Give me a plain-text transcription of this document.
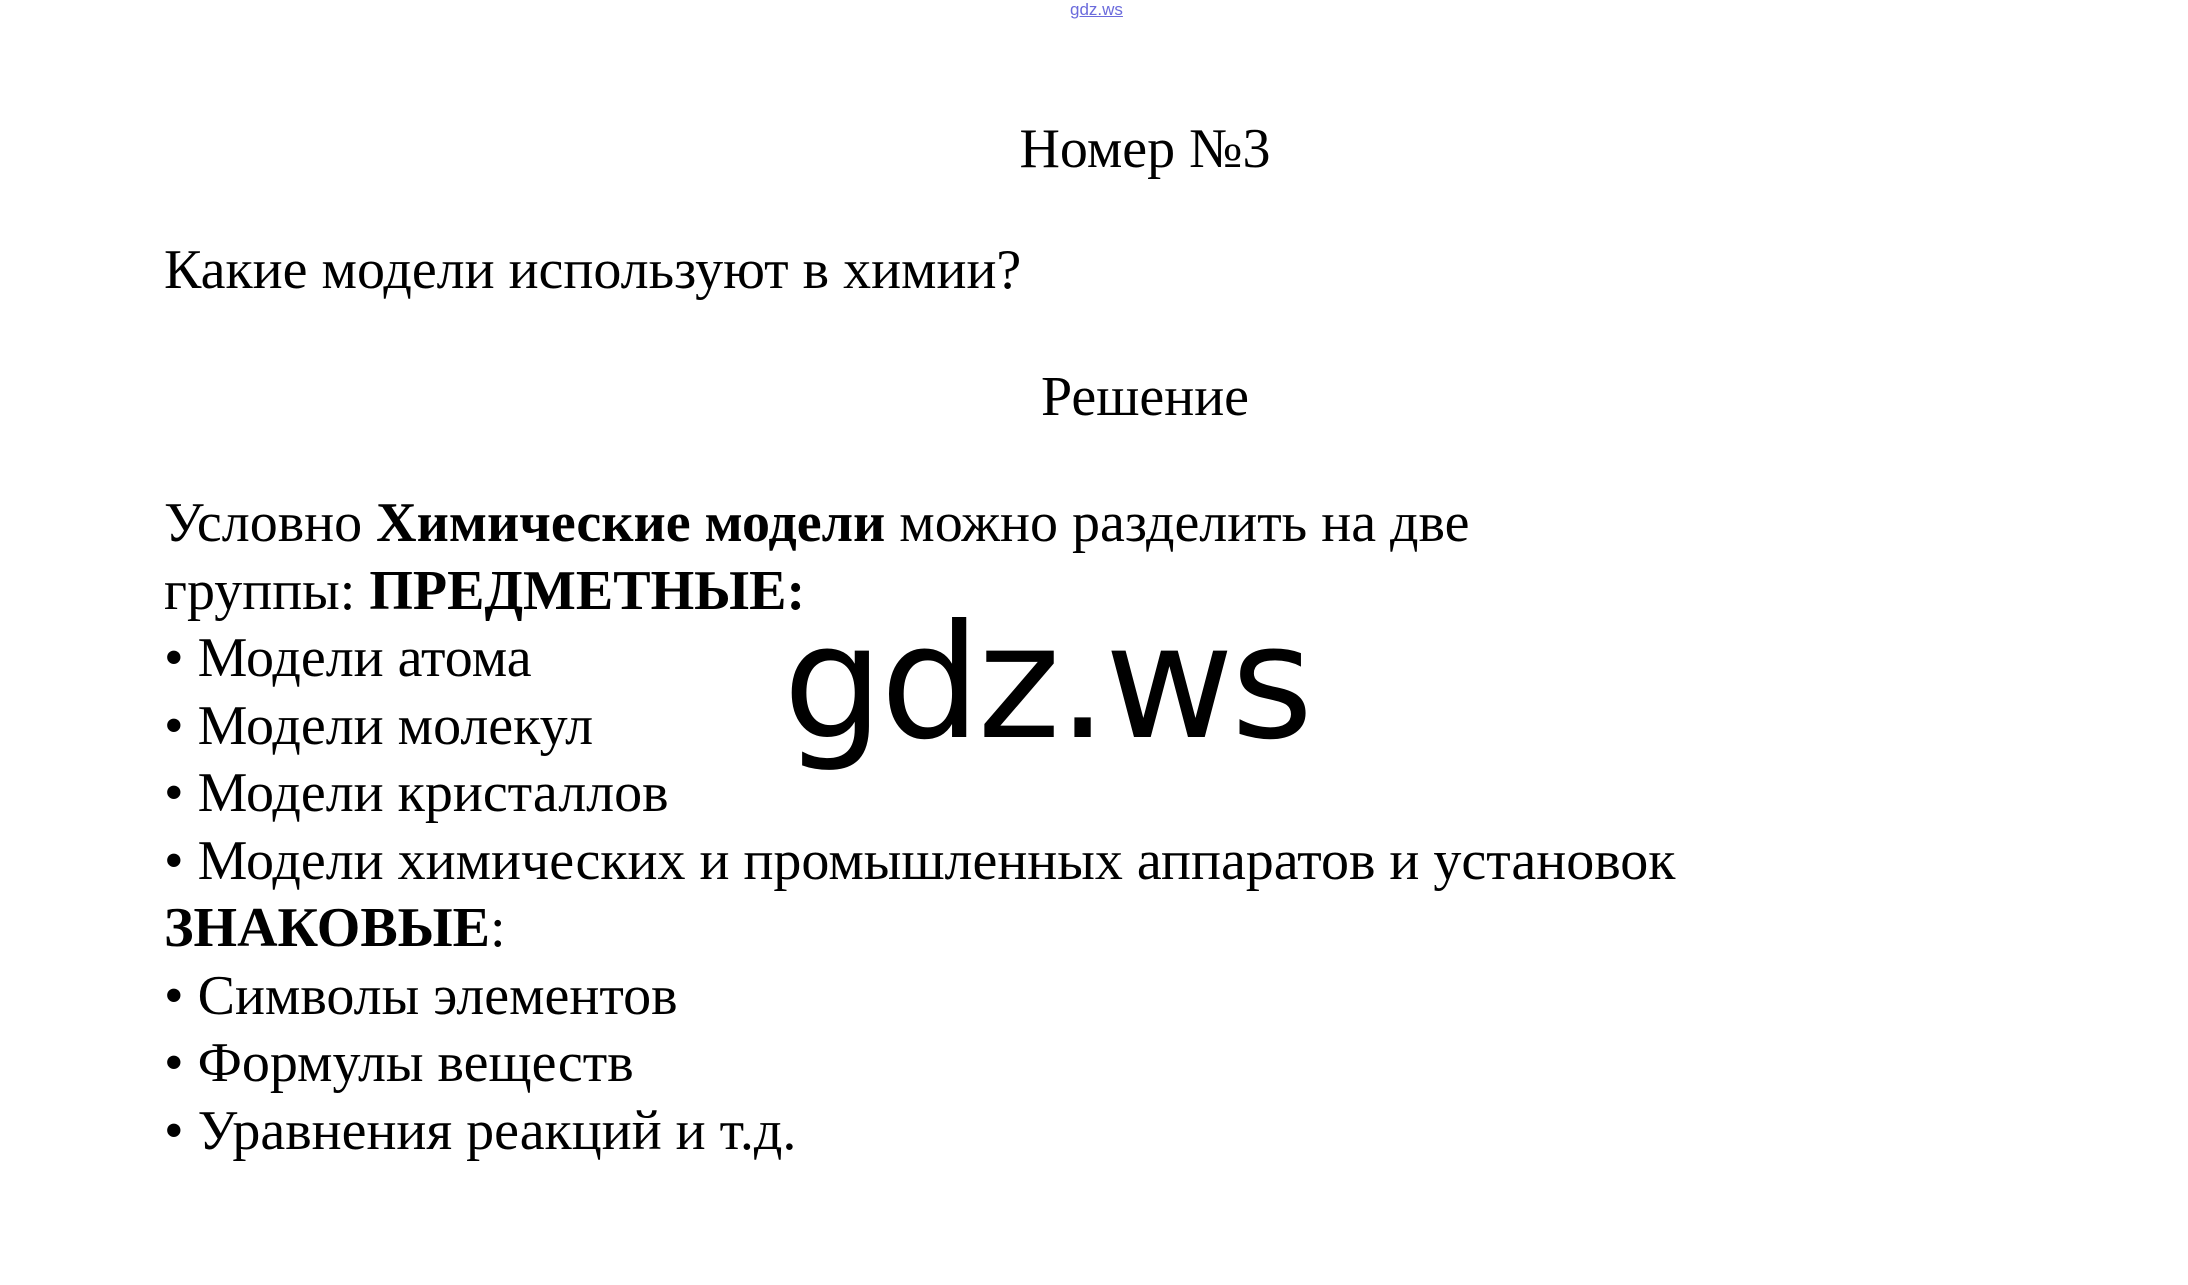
gdz.ws
Номер №3
Какие модели используют в химии?
Решение
Условно Химические модели можно разделить на две
группы: ПРЕДМЕТНЫЕ:
• Модели атома
• Модели молекул
• Модели кристаллов
• Модели химических и промышленных аппаратов и установок
ЗНАКОВЫЕ:
• Символы элементов
• Формулы веществ
• Уравнения реакций и т.д.
gdz.ws
